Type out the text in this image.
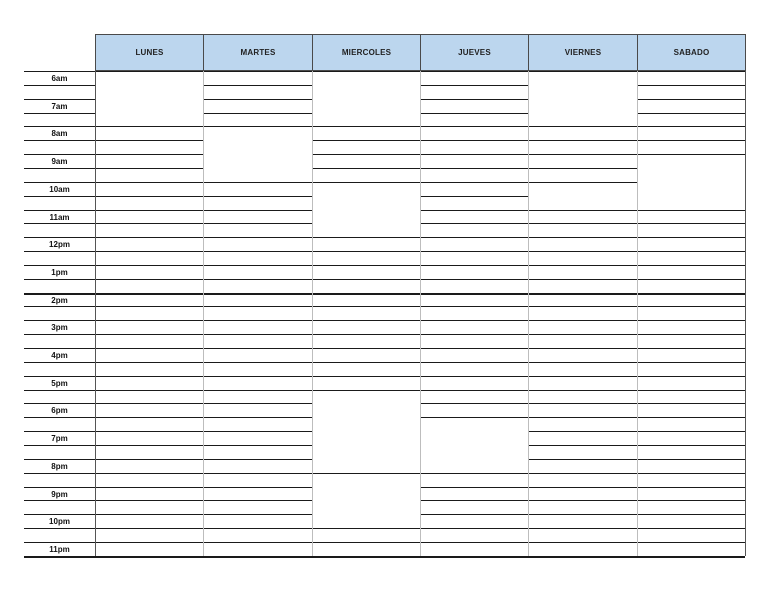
LUNES	MARTES	MIERCOLES	JUEVES	VIERNES	SABADO
6am
7am
8am
9am
10am
11am
12pm
1pm
2pm
3pm
4pm
5pm
6pm
7pm
8pm
9pm
10pm
11pm
